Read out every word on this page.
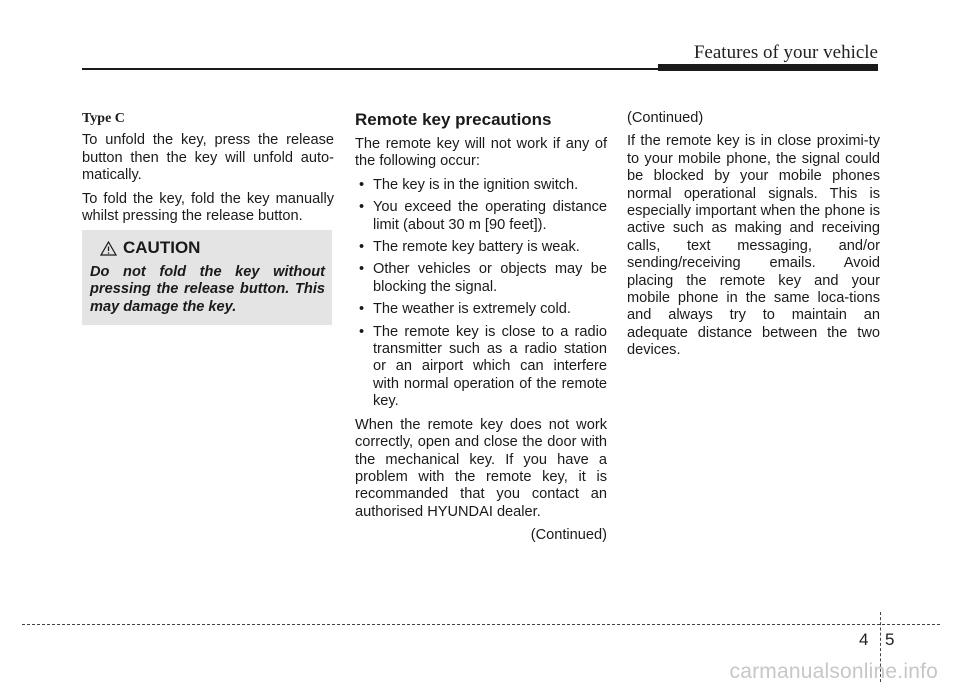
Features of your vehicle
Type C

To unfold the key, press the release button then the key will unfold auto-matically.

To fold the key, fold the key manually whilst pressing the release button.

CAUTION

Do not fold the key without pressing the release button. This may damage the key.

Remote key precautions

The remote key will not work if any of the following occur:

• The key is in the ignition switch.
• You exceed the operating distance limit (about 30 m [90 feet]).
• The remote key battery is weak.
• Other vehicles or objects may be blocking the signal.
• The weather is extremely cold.
• The remote key is close to a radio transmitter such as a radio station or an airport which can interfere with normal operation of the remote key.

When the remote key does not work correctly, open and close the door with the mechanical key. If you have a problem with the remote key, it is recommanded that you contact an authorised HYUNDAI dealer.

(Continued)

(Continued)

If the remote key is in close proximi-ty to your mobile phone, the signal could be blocked by your mobile phones normal operational signals. This is especially important when the phone is active such as making and receiving calls, text messaging, and/or sending/receiving emails. Avoid placing the remote key and your mobile phone in the same loca-tions and always try to maintain an adequate distance between the two devices.

4 5
carmanualsonline.info
